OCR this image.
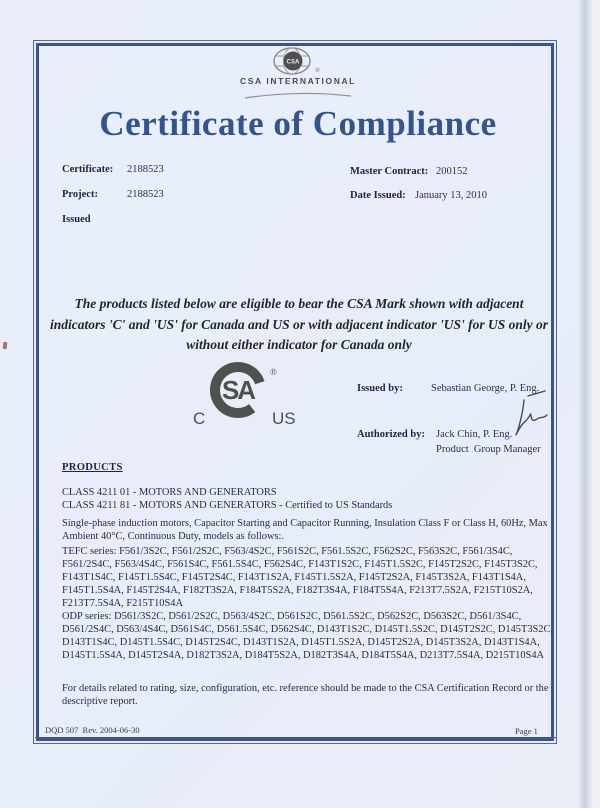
CSA
®
CSA INTERNATIONAL
Certificate of Compliance
Certificate: 2188523
Project:	2188523
Issued
Master Contract: 200152
Date Issued: January 13, 2010
The products listed below are eligible to bear the CSA Mark shown with adjacent indicators 'C' and 'US' for Canada and US or with adjacent indicator 'US' for US only or without either indicator for Canada only
SA
®
C	US
Issued by:	Sebastian George, P. Eng.
Authorized by: Jack Chin, P. Eng.
Product  Group Manager
PRODUCTS
CLASS 4211 01 - MOTORS AND GENERATORS
CLASS 4211 81 - MOTORS AND GENERATORS - Certified to US Standards
Single-phase induction motors, Capacitor Starting and Capacitor Running, Insulation Class F or Class H, 60Hz, Max Ambient 40°C, Continuous Duty, models as follows:.
TEFC series: F561/3S2C, F561/2S2C, F563/4S2C, F561S2C, F561.5S2C, F562S2C, F563S2C, F561/3S4C, F561/2S4C, F563/4S4C, F561S4C, F561.5S4C, F562S4C, F143T1S2C, F145T1.5S2C, F145T2S2C, F145T3S2C, F143T1S4C, F145T1.5S4C, F145T2S4C, F143T1S2A, F145T1.5S2A, F145T2S2A, F145T3S2A, F143T1S4A, F145T1.5S4A, F145T2S4A, F182T3S2A, F184T5S2A, F182T3S4A, F184T5S4A, F213T7.5S2A, F215T10S2A, F213T7.5S4A, F215T10S4A
ODP series: D561/3S2C, D561/2S2C, D563/4S2C, D561S2C, D561.5S2C, D562S2C, D563S2C, D561/3S4C, D561/2S4C, D563/4S4C, D561S4C, D561.5S4C, D562S4C, D143T1S2C, D145T1.5S2C, D145T2S2C, D145T3S2C, D143T1S4C, D145T1.5S4C, D145T2S4C, D143T1S2A, D145T1.5S2A, D145T2S2A, D145T3S2A, D143T1S4A, D145T1.5S4A, D145T2S4A, D182T3S2A, D184T5S2A, D182T3S4A, D184T5S4A, D213T7.5S4A, D215T10S4A
For details related to rating, size, configuration, etc. reference should be made to the CSA Certification Record or the descriptive report.
DQD 507  Rev. 2004-06-30	Page 1
